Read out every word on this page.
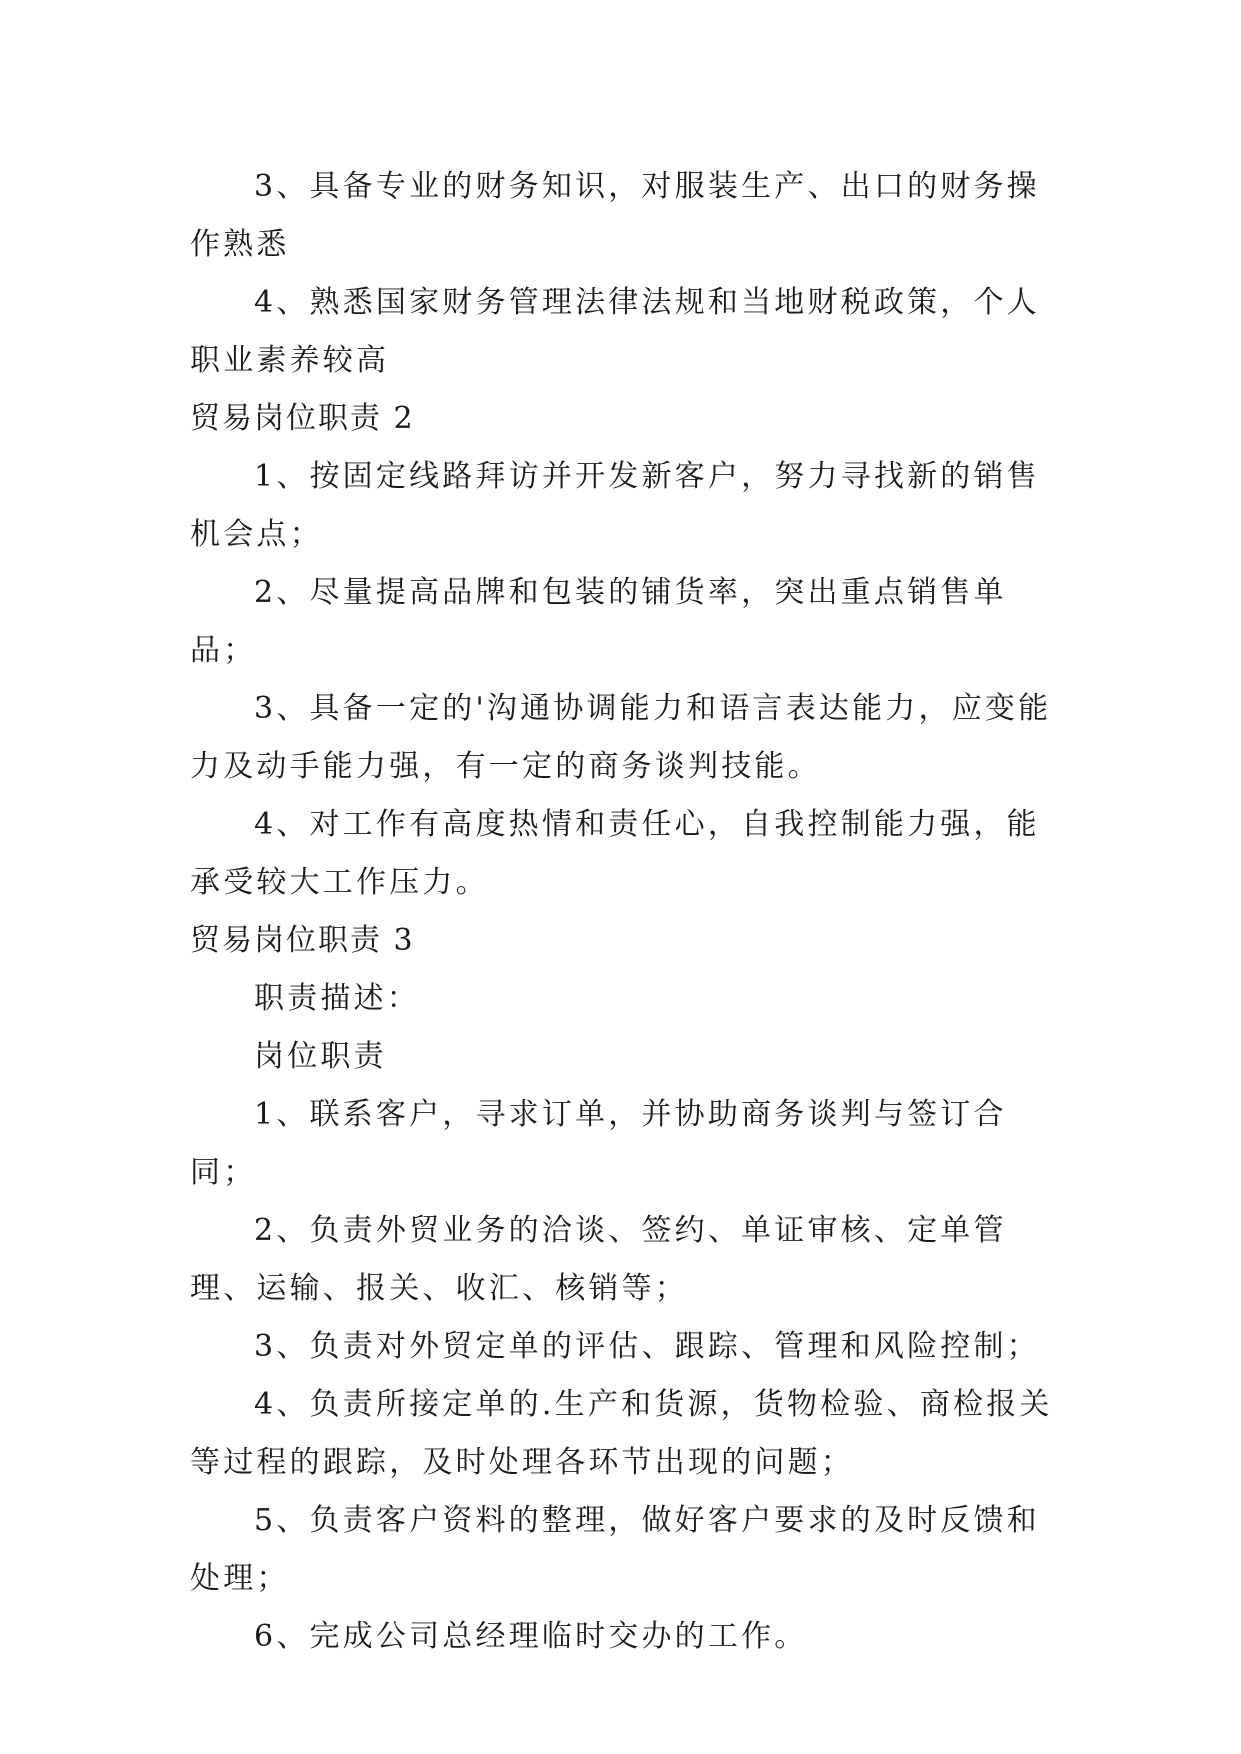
3、具备专业的财务知识，对服装生产、出口的财务操作熟悉

4、熟悉国家财务管理法律法规和当地财税政策，个人职业素养较高

贸易岗位职责 2

1、按固定线路拜访并开发新客户，努力寻找新的销售机会点；

2、尽量提高品牌和包装的铺货率，突出重点销售单品；

3、具备一定的'沟通协调能力和语言表达能力，应变能力及动手能力强，有一定的商务谈判技能。

4、对工作有高度热情和责任心，自我控制能力强，能承受较大工作压力。

贸易岗位职责 3

职责描述：

岗位职责

1、联系客户，寻求订单，并协助商务谈判与签订合同；

2、负责外贸业务的洽谈、签约、单证审核、定单管理、运输、报关、收汇、核销等；

3、负责对外贸定单的评估、跟踪、管理和风险控制；

4、负责所接定单的.生产和货源，货物检验、商检报关等过程的跟踪，及时处理各环节出现的问题；

5、负责客户资料的整理，做好客户要求的及时反馈和处理；

6、完成公司总经理临时交办的工作。
